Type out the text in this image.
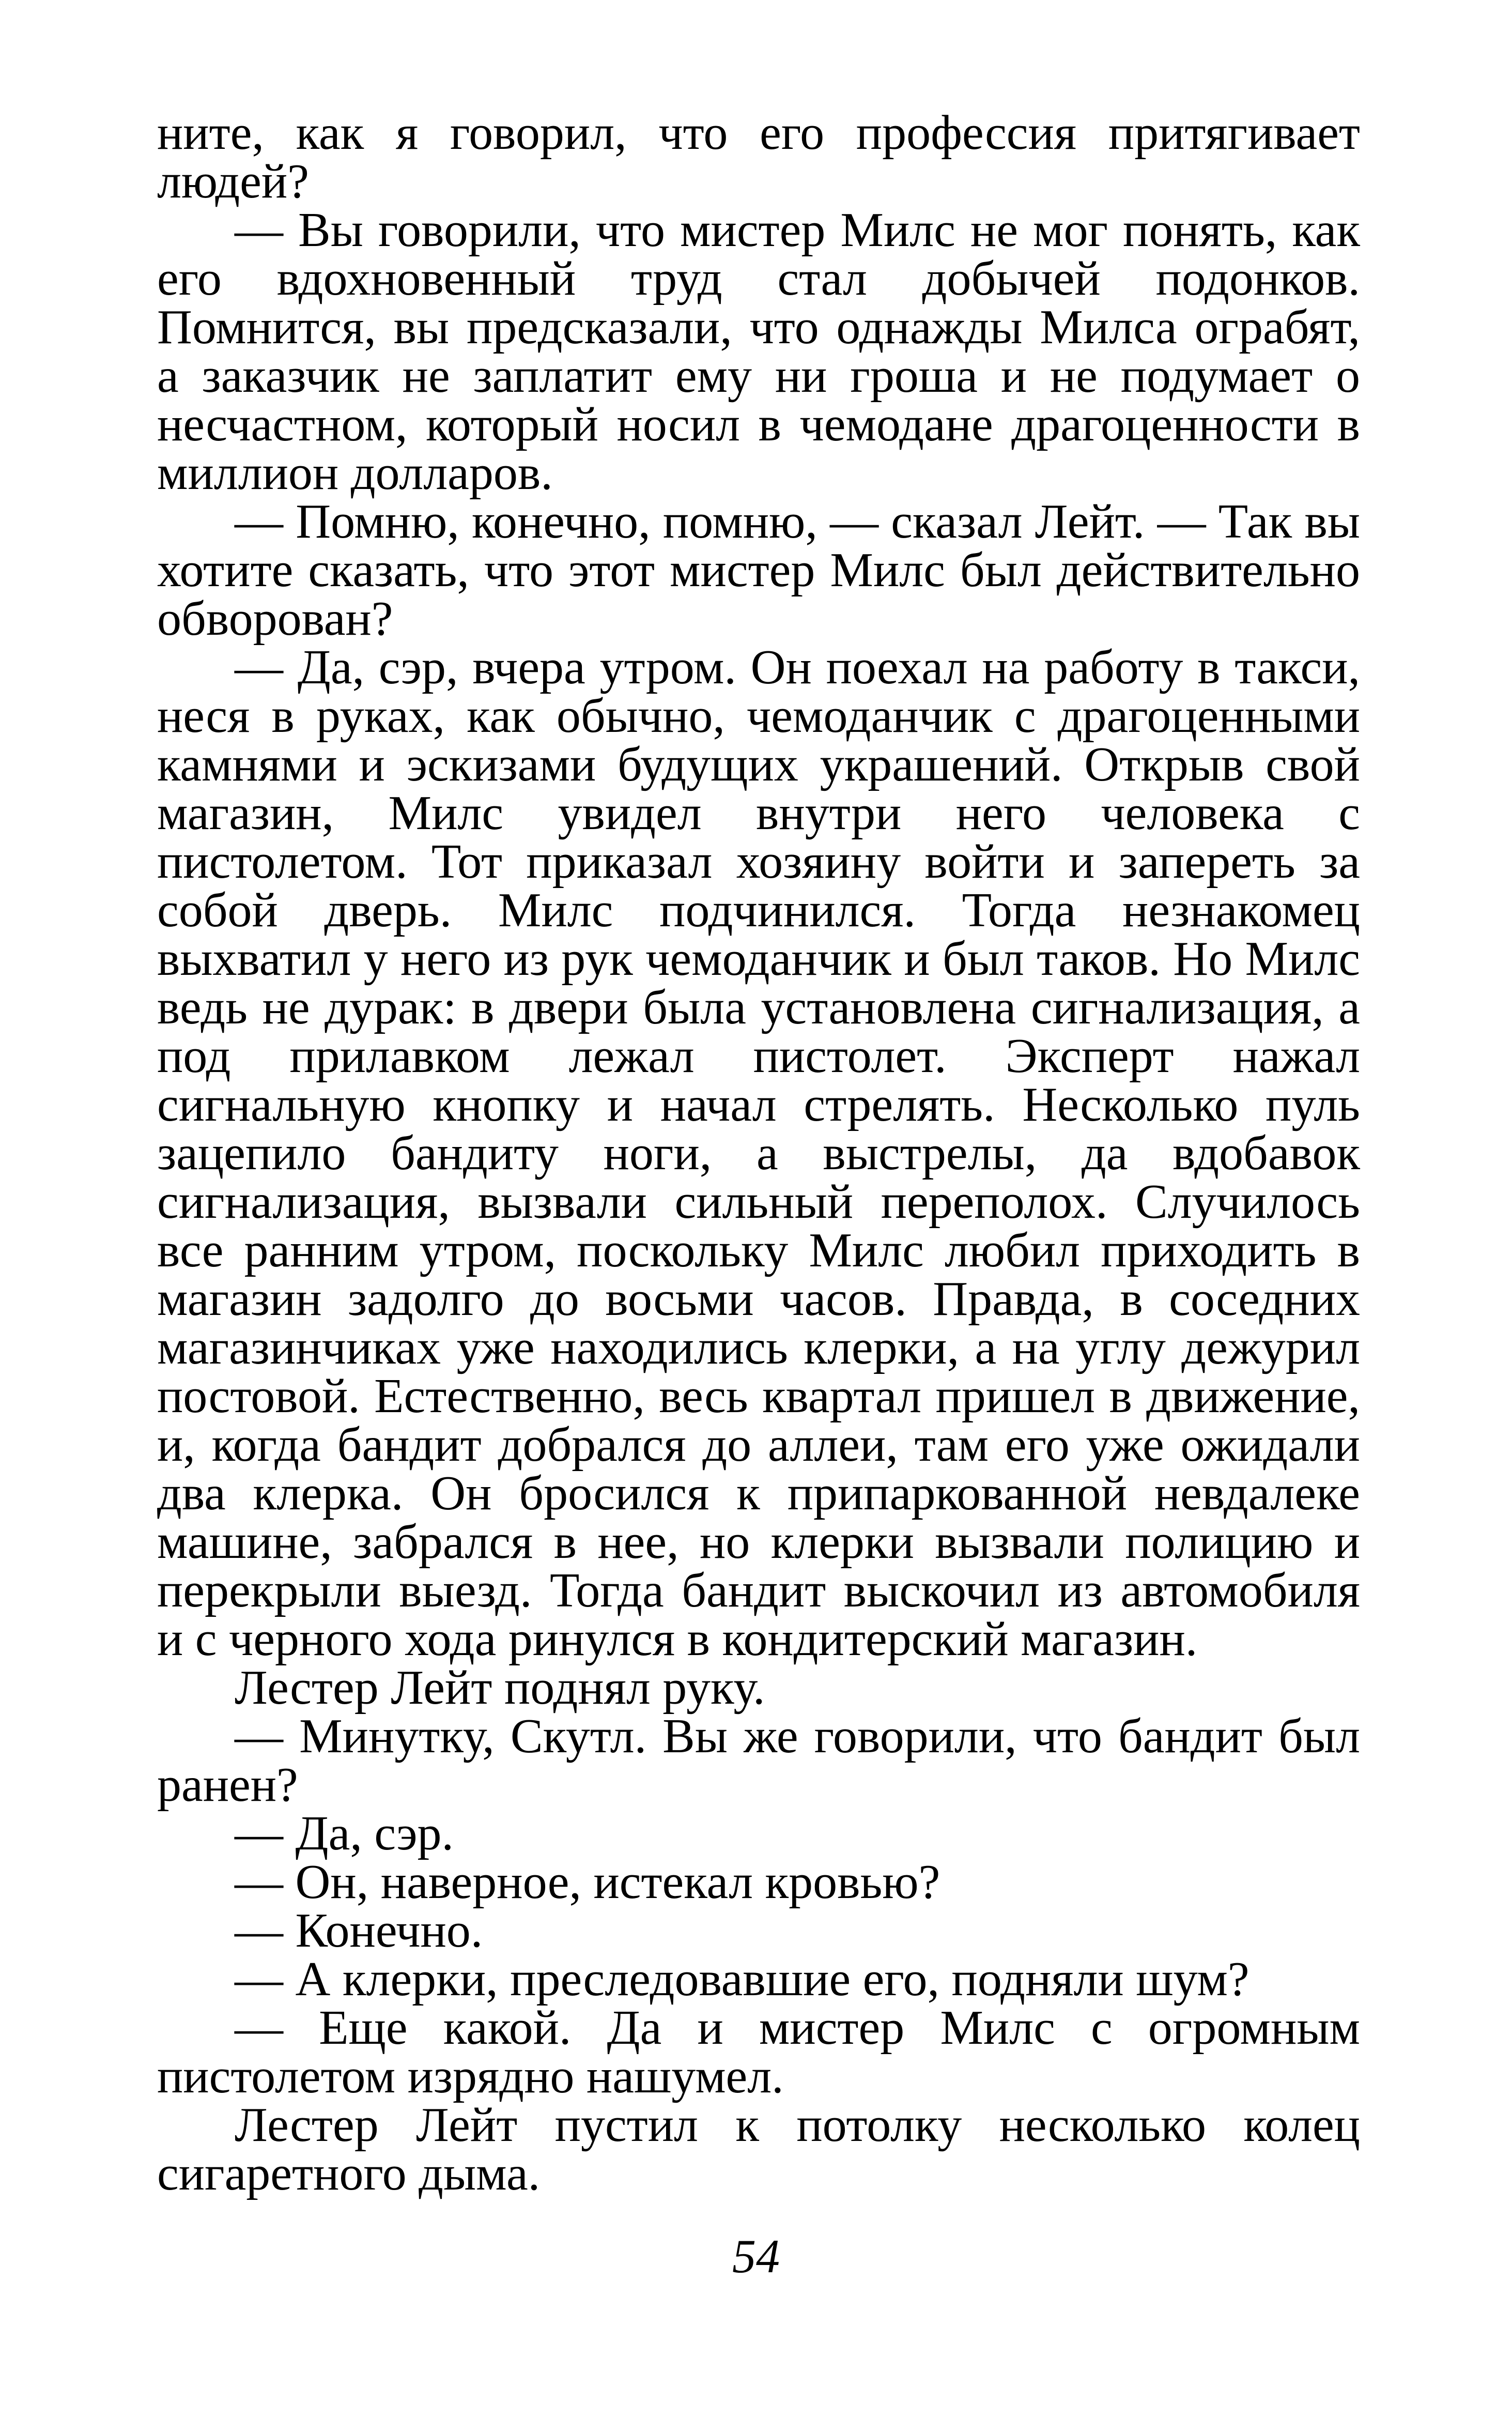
ните, как я говорил, что его профессия притягивает людей?

— Вы говорили, что мистер Милс не мог понять, как его вдохновенный труд стал добычей подонков. Помнится, вы предсказали, что однажды Милса ограбят, а заказчик не заплатит ему ни гроша и не подумает о несчастном, который носил в чемодане драгоценности в миллион долларов.

— Помню, конечно, помню, — сказал Лейт. — Так вы хотите сказать, что этот мистер Милс был действительно обворован?

— Да, сэр, вчера утром. Он поехал на работу в такси, неся в руках, как обычно, чемоданчик с драгоценными камнями и эскизами будущих украшений. Открыв свой магазин, Милс увидел внутри него человека с пистолетом. Тот приказал хозяину войти и запереть за собой дверь. Милс подчинился. Тогда незнакомец выхватил у него из рук чемоданчик и был таков. Но Милс ведь не дурак: в двери была установлена сигнализация, а под прилавком лежал пистолет. Эксперт нажал сигнальную кнопку и начал стрелять. Несколько пуль зацепило бандиту ноги, а выстрелы, да вдобавок сигнализация, вызвали сильный переполох. Случилось все ранним утром, поскольку Милс любил приходить в магазин задолго до восьми часов. Правда, в соседних магазинчиках уже находились клерки, а на углу дежурил постовой. Естественно, весь квартал пришел в движение, и, когда бандит добрался до аллеи, там его уже ожидали два клерка. Он бросился к припаркованной невдалеке машине, забрался в нее, но клерки вызвали полицию и перекрыли выезд. Тогда бандит выскочил из автомобиля и с черного хода ринулся в кондитерский магазин.

Лестер Лейт поднял руку.

— Минутку, Скутл. Вы же говорили, что бандит был ранен?

— Да, сэр.

— Он, наверное, истекал кровью?

— Конечно.

— А клерки, преследовавшие его, подняли шум?

— Еще какой. Да и мистер Милс с огромным пистолетом изрядно нашумел.

Лестер Лейт пустил к потолку несколько колец сигаретного дыма.

54
